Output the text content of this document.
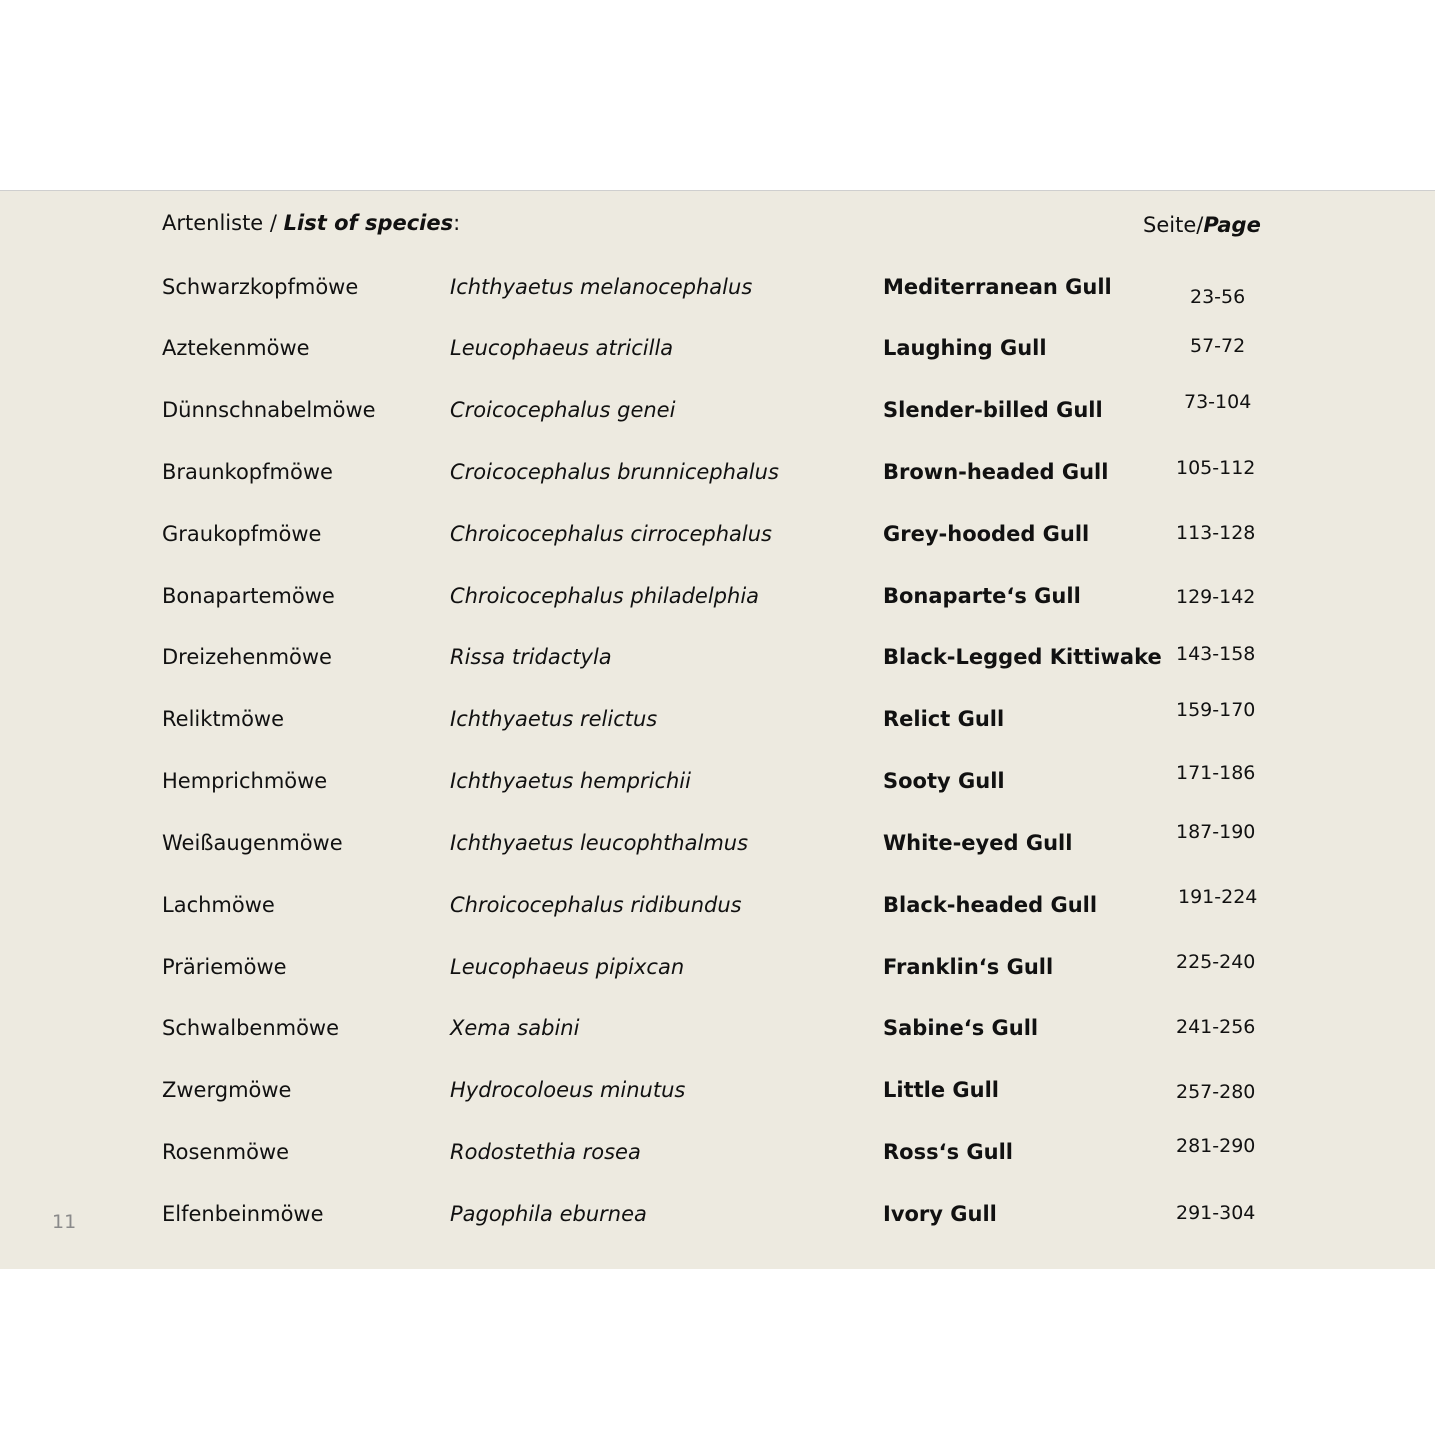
Artenliste / List of species:	Seite/Page
Schwarzkopfmöwe	Ichthyaetus melanocephalus	Mediterranean Gull	23-56
Aztekenmöwe	Leucophaeus atricilla	Laughing Gull	57-72
Dünnschnabelmöwe	Croicocephalus genei	Slender-billed Gull	73-104
Braunkopfmöwe	Croicocephalus brunnicephalus	Brown-headed Gull	105-112
Graukopfmöwe	Chroicocephalus cirrocephalus	Grey-hooded Gull	113-128
Bonapartemöwe	Chroicocephalus philadelphia	Bonaparte‘s Gull	129-142
Dreizehenmöwe	Rissa tridactyla	Black-Legged Kittiwake 143-158
Reliktmöwe	Ichthyaetus relictus	Relict Gull	159-170
Hemprichmöwe	Ichthyaetus hemprichii	Sooty Gull	171-186
Weißaugenmöwe	Ichthyaetus leucophthalmus	White-eyed Gull	187-190
Lachmöwe	Chroicocephalus ridibundus	Black-headed Gull	191-224
Präriemöwe	Leucophaeus pipixcan	Franklin‘s Gull	225-240
Schwalbenmöwe	Xema sabini	Sabine‘s Gull	241-256
Zwergmöwe	Hydrocoloeus minutus	Little Gull	257-280
Rosenmöwe	Rodostethia rosea	Ross‘s Gull	281-290
Elfenbeinmöwe	Pagophila eburnea	Ivory Gull	291-304
11
